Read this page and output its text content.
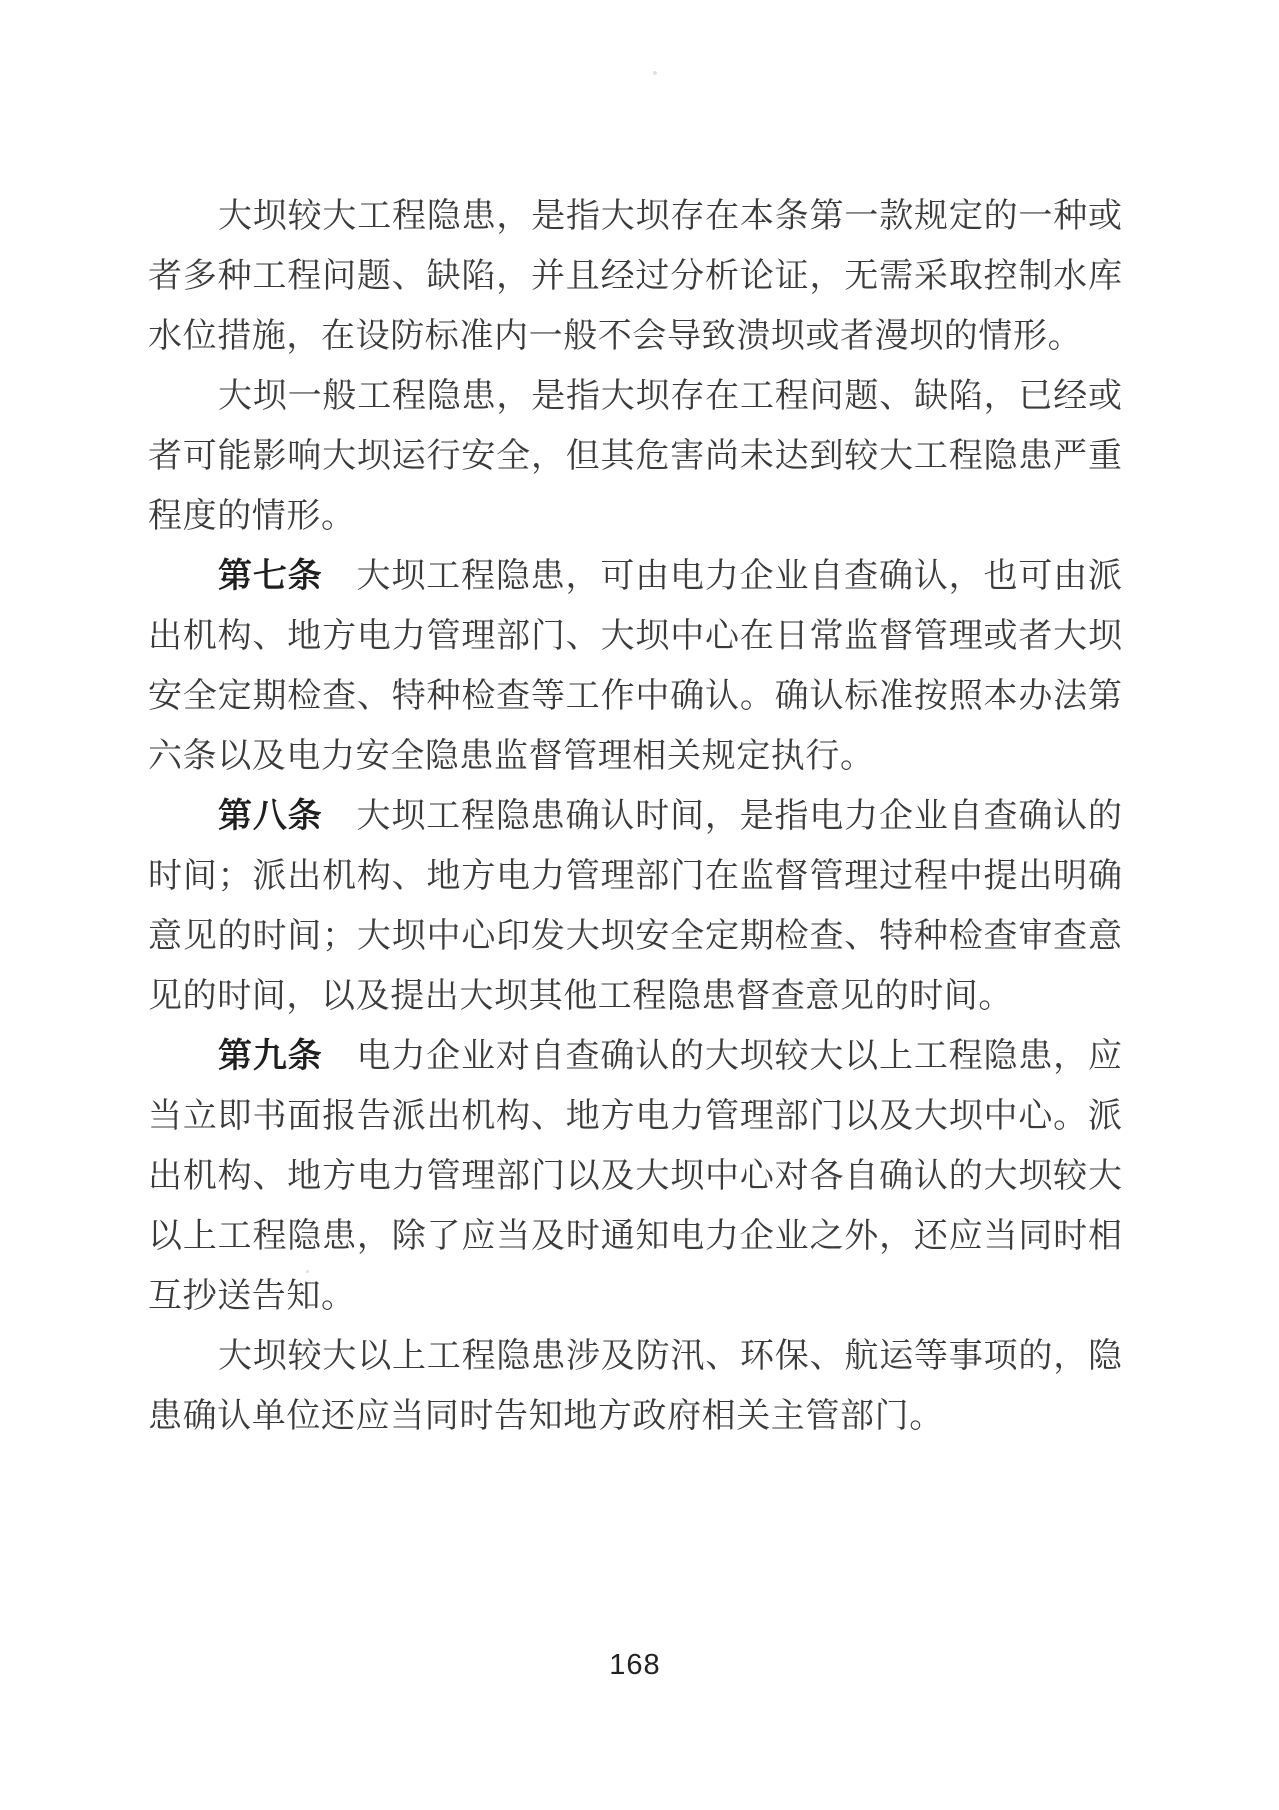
大坝较大工程隐患，是指大坝存在本条第一款规定的一种或
者多种工程问题、缺陷，并且经过分析论证，无需采取控制水库
水位措施，在设防标准内一般不会导致溃坝或者漫坝的情形。
大坝一般工程隐患，是指大坝存在工程问题、缺陷，已经或
者可能影响大坝运行安全，但其危害尚未达到较大工程隐患严重
程度的情形。
第七条 大坝工程隐患，可由电力企业自查确认，也可由派
出机构、地方电力管理部门、大坝中心在日常监督管理或者大坝
安全定期检查、特种检查等工作中确认。确认标准按照本办法第
六条以及电力安全隐患监督管理相关规定执行。
第八条 大坝工程隐患确认时间，是指电力企业自查确认的
时间；派出机构、地方电力管理部门在监督管理过程中提出明确
意见的时间；大坝中心印发大坝安全定期检查、特种检查审查意
见的时间，以及提出大坝其他工程隐患督查意见的时间。
第九条 电力企业对自查确认的大坝较大以上工程隐患，应
当立即书面报告派出机构、地方电力管理部门以及大坝中心。派
出机构、地方电力管理部门以及大坝中心对各自确认的大坝较大
以上工程隐患，除了应当及时通知电力企业之外，还应当同时相
互抄送告知。
大坝较大以上工程隐患涉及防汛、环保、航运等事项的，隐
患确认单位还应当同时告知地方政府相关主管部门。
168
